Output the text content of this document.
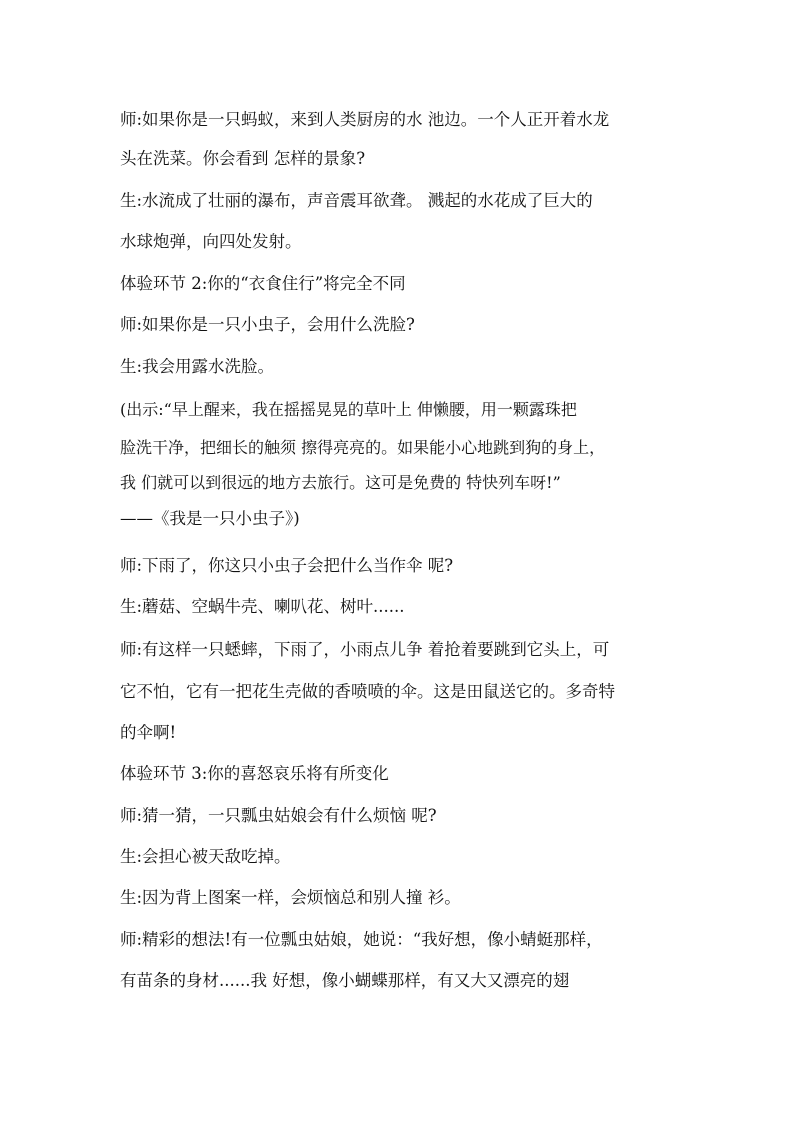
师:如果你是一只蚂蚁，来到人类厨房的水 池边。一个人正开着水龙
头在洗菜。你会看到 怎样的景象?
生:水流成了壮丽的瀑布，声音震耳欲聋。 溅起的水花成了巨大的
水球炮弹，向四处发射。
体验环节 2:你的“衣食住行”将完全不同
师:如果你是一只小虫子，会用什么洗脸?
生:我会用露水洗脸。
(出示:“早上醒来，我在摇摇晃晃的草叶上 伸懒腰，用一颗露珠把
脸洗干净，把细长的触须 擦得亮亮的。如果能小心地跳到狗的身上，
我 们就可以到很远的地方去旅行。这可是免费的 特快列车呀!”
——《我是一只小虫子》)
师:下雨了，你这只小虫子会把什么当作伞 呢?
生:蘑菇、空蜗牛壳、喇叭花、树叶......
师:有这样一只蟋蟀，下雨了，小雨点儿争 着抢着要跳到它头上，可
它不怕，它有一把花生壳做的香喷喷的伞。这是田鼠送它的。多奇特
的伞啊!
体验环节 3:你的喜怒哀乐将有所变化
师:猜一猜，一只瓢虫姑娘会有什么烦恼 呢?
生:会担心被天敌吃掉。
生:因为背上图案一样，会烦恼总和别人撞 衫。
师:精彩的想法!有一位瓢虫姑娘，她说：“我好想，像小蜻蜓那样，
有苗条的身材......我 好想，像小蝴蝶那样，有又大又漂亮的翅
